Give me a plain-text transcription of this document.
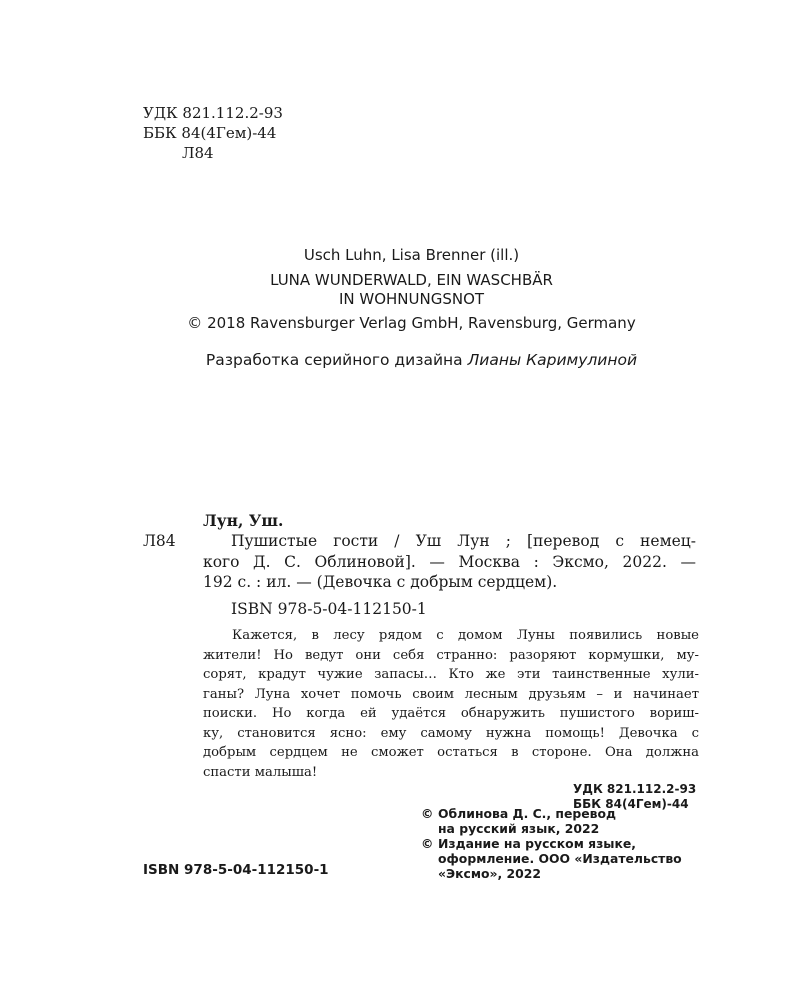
УДК 821.112.2-93
ББК 84(4Гем)-44
Л84
Usch Luhn, Lisa Brenner (ill.)
LUNA WUNDERWALD, EIN WASCHBÄR
IN WOHNUNGSNOT
© 2018 Ravensburger Verlag GmbH, Ravensburg, Germany
Разработка серийного дизайна Лианы Каримулиной
Лун, Уш.
Л84	Пушистые гости / Уш Лун ; [перевод с немец-
кого Д. С. Облиновой]. — Москва : Эксмо, 2022. —
192 с. : ил. — (Девочка с добрым сердцем).
ISBN 978-5-04-112150-1
Кажется, в лесу рядом с домом Луны появились новые
жители! Но ведут они себя странно: разоряют кормушки, му-
сорят, крадут чужие запасы… Кто же эти таинственные хули-
ганы? Луна хочет помочь своим лесным друзьям – и начинает
поиски. Но когда ей удаётся обнаружить пушистого вориш-
ку, становится ясно: ему самому нужна помощь! Девочка с
добрым сердцем не сможет остаться в стороне. Она должна
спасти малыша!
УДК 821.112.2-93
ББК 84(4Гем)-44
© Облинова Д. С., перевод
на русский язык, 2022
© Издание на русском языке,
оформление. ООО «Издательство
«Эксмо», 2022
ISBN 978-5-04-112150-1
